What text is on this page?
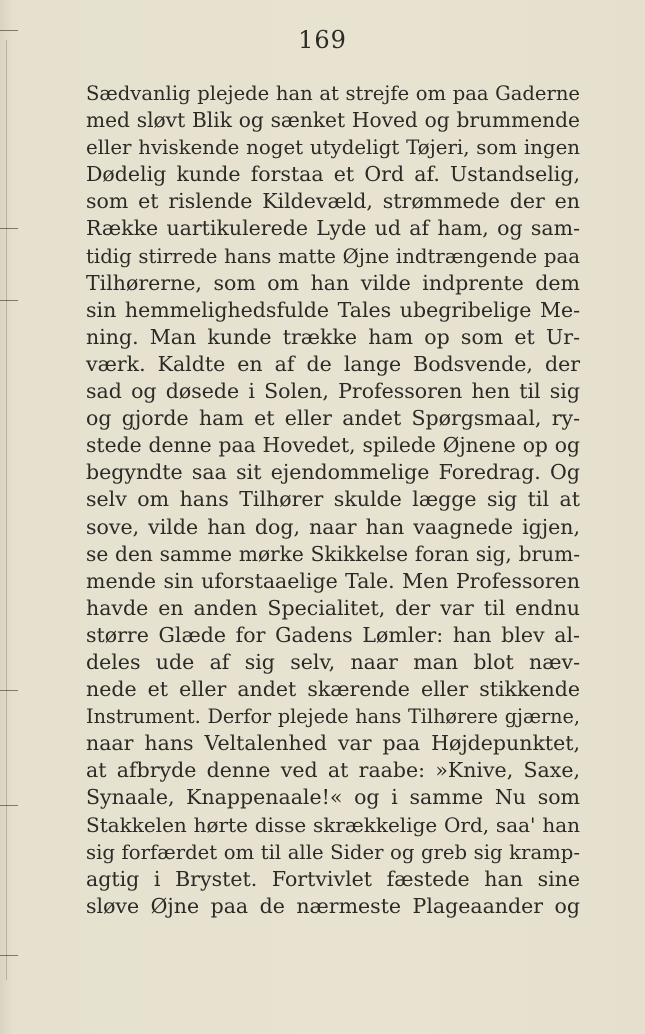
169
Sædvanlig plejede han at strejfe om paa Gaderne
med sløvt Blik og sænket Hoved og brummende
eller hviskende noget utydeligt Tøjeri, som ingen
Dødelig kunde forstaa et Ord af. Ustandselig,
som et rislende Kildevæld, strømmede der en
Række uartikulerede Lyde ud af ham, og sam-
tidig stirrede hans matte Øjne indtrængende paa
Tilhørerne, som om han vilde indprente dem
sin hemmelighedsfulde Tales ubegribelige Me-
ning. Man kunde trække ham op som et Ur-
værk. Kaldte en af de lange Bodsvende, der
sad og døsede i Solen, Professoren hen til sig
og gjorde ham et eller andet Spørgsmaal, ry-
stede denne paa Hovedet, spilede Øjnene op og
begyndte saa sit ejendommelige Foredrag. Og
selv om hans Tilhører skulde lægge sig til at
sove, vilde han dog, naar han vaagnede igjen,
se den samme mørke Skikkelse foran sig, brum-
mende sin uforstaaelige Tale. Men Professoren
havde en anden Specialitet, der var til endnu
større Glæde for Gadens Lømler: han blev al-
deles ude af sig selv, naar man blot næv-
nede et eller andet skærende eller stikkende
Instrument. Derfor plejede hans Tilhørere gjærne,
naar hans Veltalenhed var paa Højdepunktet,
at afbryde denne ved at raabe: »Knive, Saxe,
Synaale, Knappenaale!« og i samme Nu som
Stakkelen hørte disse skrækkelige Ord, saa' han
sig forfærdet om til alle Sider og greb sig kramp-
agtig i Brystet. Fortvivlet fæstede han sine
sløve Øjne paa de nærmeste Plageaander og
